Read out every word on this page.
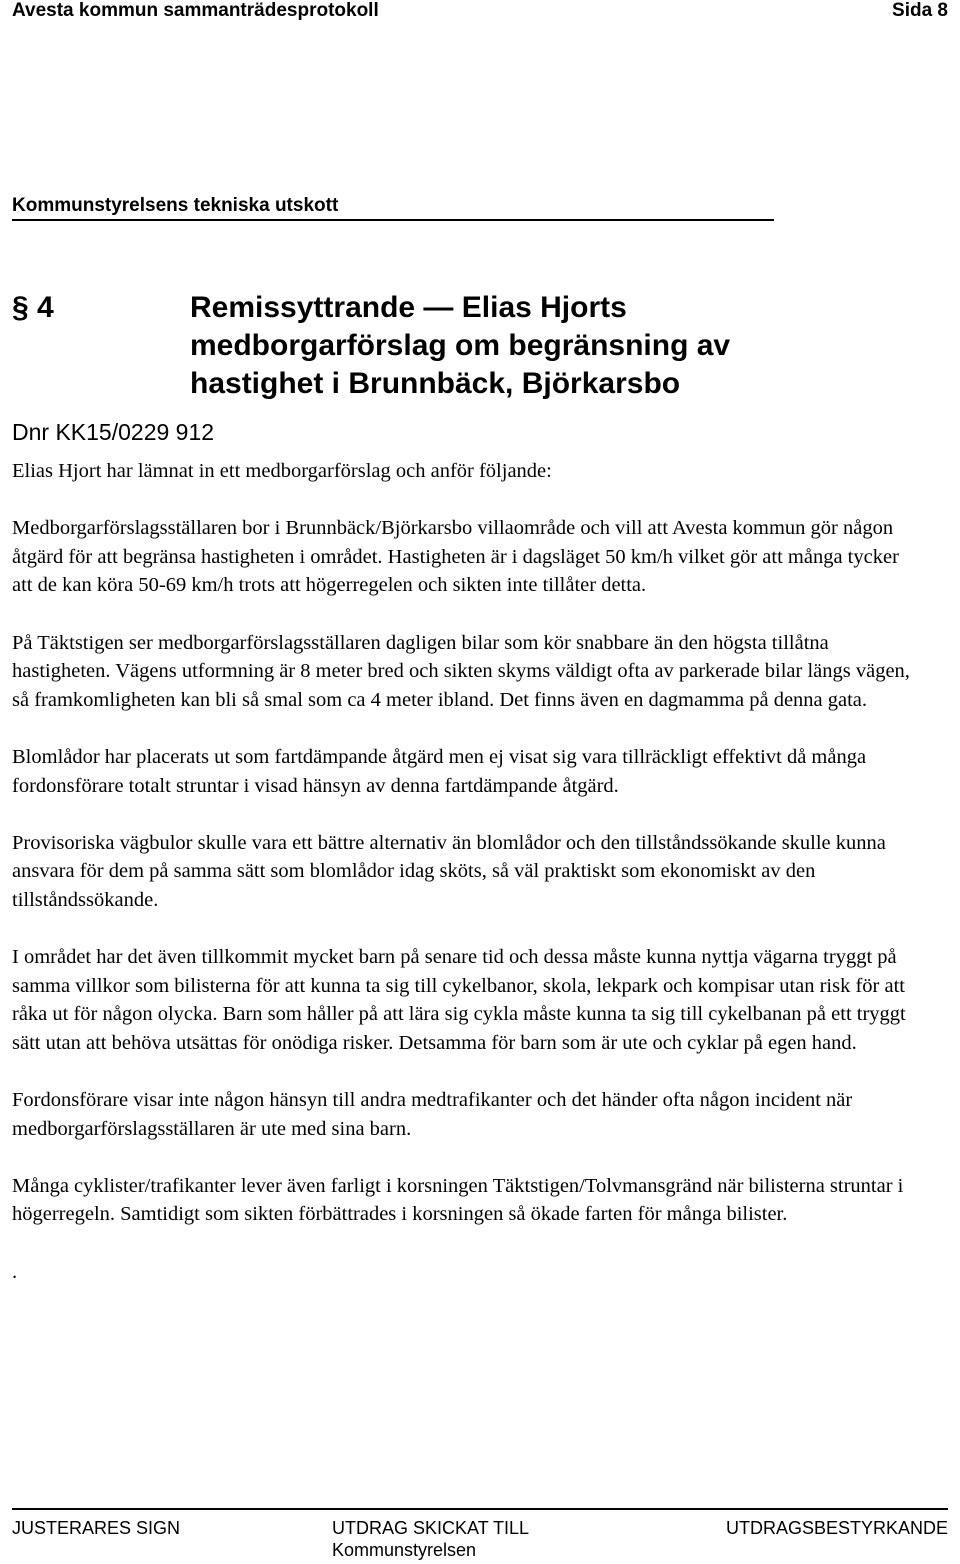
Avesta kommun sammanträdesprotokoll	Sida 8
Kommunstyrelsens tekniska utskott
§ 4	Remissyttrande — Elias Hjorts
medborgarförslag om begränsning av
hastighet i Brunnbäck, Björkarsbo
Dnr KK15/0229 912

Elias Hjort har lämnat in ett medborgarförslag och anför följande:

Medborgarförslagsställaren bor i Brunnbäck/Björkarsbo villaområde och vill att Avesta kommun gör någon åtgärd för att begränsa hastigheten i området. Hastigheten är i dagsläget 50 km/h vilket gör att många tycker att de kan köra 50-69 km/h trots att högerregelen och sikten inte tillåter detta.

På Täktstigen ser medborgarförslagsställaren dagligen bilar som kör snabbare än den högsta tillåtna hastigheten. Vägens utformning är 8 meter bred och sikten skyms väldigt ofta av parkerade bilar längs vägen, så framkomligheten kan bli så smal som ca 4 meter ibland. Det finns även en dagmamma på denna gata.

Blomlådor har placerats ut som fartdämpande åtgärd men ej visat sig vara tillräckligt effektivt då många fordonsförare totalt struntar i visad hänsyn av denna fartdämpande åtgärd.

Provisoriska vägbulor skulle vara ett bättre alternativ än blomlådor och den tillståndssökande skulle kunna ansvara för dem på samma sätt som blomlådor idag sköts, så väl praktiskt som ekonomiskt av den tillståndssökande.

I området har det även tillkommit mycket barn på senare tid och dessa måste kunna nyttja vägarna tryggt på samma villkor som bilisterna för att kunna ta sig till cykelbanor, skola, lekpark och kompisar utan risk för att råka ut för någon olycka. Barn som håller på att lära sig cykla måste kunna ta sig till cykelbanan på ett tryggt sätt utan att behöva utsättas för onödiga risker. Detsamma för barn som är ute och cyklar på egen hand.

Fordonsförare visar inte någon hänsyn till andra medtrafikanter och det händer ofta någon incident när medborgarförslagsställaren är ute med sina barn.

Många cyklister/trafikanter lever även farligt i korsningen Täktstigen/Tolvmansgränd när bilisterna struntar i högerregeln. Samtidigt som sikten förbättrades i korsningen så ökade farten för många bilister.

.

JUSTERARES SIGN	UTDRAG SKICKAT TILL
Kommunstyrelsen
UTDRAGSBESTYRKANDE
